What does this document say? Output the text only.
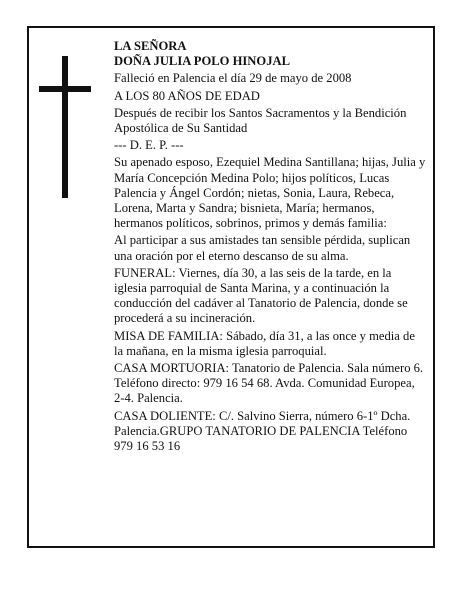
LA SEÑORA

DOÑA JULIA POLO HINOJAL

Falleció en Palencia el día 29 de mayo de 2008

A LOS 80 AÑOS DE EDAD

Después de recibir los Santos Sacramentos y la Bendición Apostólica de Su Santidad

--- D. E. P. ---

Su apenado esposo, Ezequiel Medina Santillana; hijas, Julia y María Concepción Medina Polo; hijos políticos, Lucas Palencia y Ángel Cordón; nietas, Sonia, Laura, Rebeca, Lorena, Marta y Sandra; bisnieta, María; hermanos, hermanos políticos, sobrinos, primos y demás familia:

Al participar a sus amistades tan sensible pérdida, suplican una oración por el eterno descanso de su alma.

FUNERAL: Viernes, día 30, a las seis de la tarde, en la iglesia parroquial de Santa Marina, y a continuación la conducción del cadáver al Tanatorio de Palencia, donde se procederá a su incineración.

MISA DE FAMILIA: Sábado, día 31, a las once y media de la mañana, en la misma iglesia parroquial.

CASA MORTUORIA: Tanatorio de Palencia. Sala número 6. Teléfono directo: 979 16 54 68. Avda. Comunidad Europea, 2-4. Palencia.

CASA DOLIENTE: C/. Salvino Sierra, número 6-1º Dcha. Palencia.GRUPO TANATORIO DE PALENCIA Teléfono 979 16 53 16
